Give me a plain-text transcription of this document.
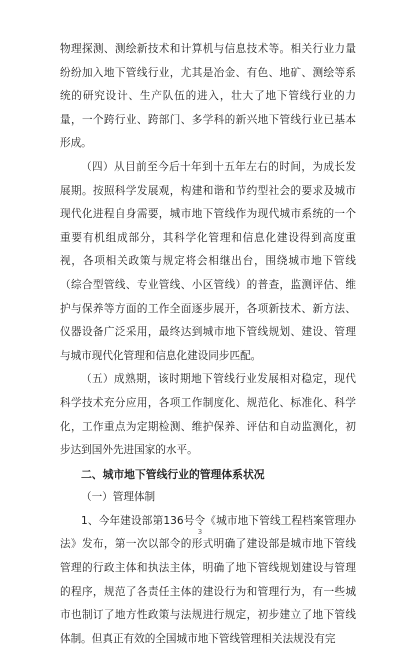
物理探测、测绘新技术和计算机与信息技术等。相关行业力量纷纷加入地下管线行业，尤其是冶金、有色、地矿、测绘等系统的研究设计、生产队伍的进入，壮大了地下管线行业的力量，一个跨行业、跨部门、多学科的新兴地下管线行业已基本形成。

（四）从目前至今后十年到十五年左右的时间，为成长发展期。按照科学发展观，构建和谐和节约型社会的要求及城市现代化进程自身需要，城市地下管线作为现代城市系统的一个重要有机组成部分，其科学化管理和信息化建设得到高度重视，各项相关政策与规定将会相继出台，围绕城市地下管线（综合型管线、专业管线、小区管线）的普查，监测评估、维护与保养等方面的工作全面逐步展开，各项新技术、新方法、仪器设备广泛采用，最终达到城市地下管线规划、建设、管理与城市现代化管理和信息化建设同步匹配。

（五）成熟期，该时期地下管线行业发展相对稳定，现代科学技术充分应用，各项工作制度化、规范化、标准化、科学化，工作重点为定期检测、维护保养、评估和自动监测化，初步达到国外先进国家的水平。

二、城市地下管线行业的管理体系状况

（一）管理体制

1、今年建设部第136号令《城市地下管线工程档案管理办法》发布，第一次以部令的形式明确了建设部是城市地下管线管理的行政主体和执法主体，明确了地下管线规划建设与管理的程序，规范了各责任主体的建设行为和管理行为，有一些城市也制订了地方性政策与法规进行规定，初步建立了地下管线体制。但真正有效的全国城市地下管线管理相关法规没有完

3
